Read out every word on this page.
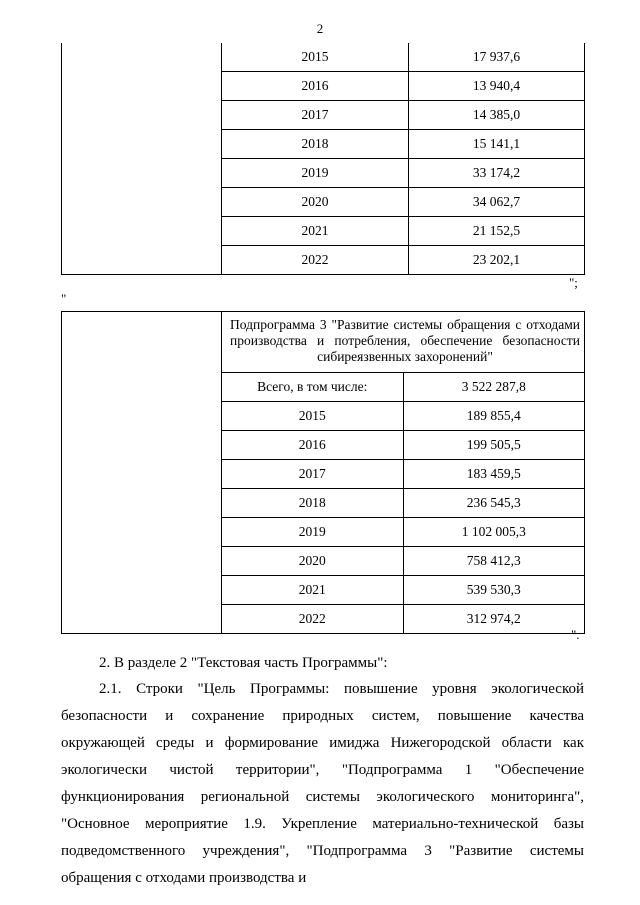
2
	2015	17 937,6
	2016	13 940,4
	2017	14 385,0
	2018	15 141,1
	2019	33 174,2
	2020	34 062,7
	2021	21 152,5
	2022	23 202,1
";
"
	Подпрограмма 3 "Развитие системы обращения с отходами производства и потребления, обеспечение безопасности сибиреязвенных захоронений"	
	Всего, в том числе:	3 522 287,8
	2015	189 855,4
	2016	199 505,5
	2017	183 459,5
	2018	236 545,3
	2019	1 102 005,3
	2020	758 412,3
	2021	539 530,3
	2022	312 974,2
".
2. В разделе 2 "Текстовая часть Программы":
2.1. Строки "Цель Программы: повышение уровня экологической безопасности и сохранение природных систем, повышение качества окружающей среды и формирование имиджа Нижегородской области как экологически чистой территории", "Подпрограмма 1 "Обеспечение функционирования региональной системы экологического мониторинга", "Основное мероприятие 1.9. Укрепление материально-технической базы подведомственного учреждения", "Подпрограмма 3 "Развитие системы обращения с отходами производства и
